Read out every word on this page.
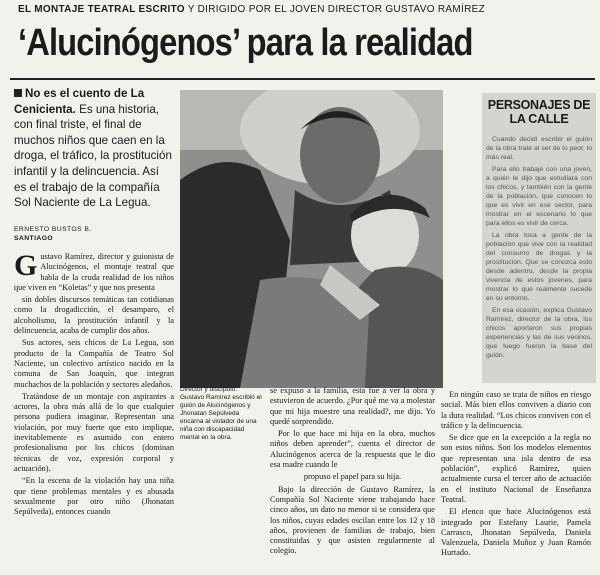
EL MONTAJE TEATRAL ESCRITO Y DIRIGIDO POR EL JOVEN DIRECTOR GUSTAVO RAMÍREZ
‘Alucinógenos’ para la realidad
No es el cuento de La Cenicienta. Es una historia, con final triste, el final de muchos niños que caen en la droga, el tráfico, la prostitución infantil y la delincuencia. Así es el trabajo de la compañía Sol Naciente de La Legua.
ERNESTO BUSTOS B.
SANTIAGO

Gustavo Ramírez, director y guionista de Alucinógenos, el montaje teatral que habla de la cruda realidad de los niños que viven en “Koletas” y que nos presenta

sin dobles discursos temáticas tan cotidianas como la drogadicción, el desamparo, el alcoholismo, la prostitución infantil y la delincuencia, acaba de cumplir dos años.

Sus actores, seis chicos de La Legua, son producto de la Compañía de Teatro Sol Naciente, un colectivo artístico nacido en la comuna de San Joaquín, que integran muchachos de la población y sectores aledaños.

Tratándose de un montaje con aspirantes a actores, la obra más allá de lo que cualquier persona pudiera imaginar. Representan una violación, por muy fuerte que esto implique, inevitablemente es asumido con entero profesionalismo por los chicos (dominan técnicas de voz, expresión corporal y actuación).

“En la escena de la violación hay una niña que tiene problemas mentales y es abusada sexualmente por otro niño (Jhonatan Sepúlveda), entonces cuando

Director y discípulo. Gustavo Ramírez escribió el guión de Alucinógenos y Jhonatan Sepúlveda encarna al violador de una niña con discapacidad mental en la obra.

se expuso a la familia, esta fue a ver la obra y estuvieron de acuerdo. ¿Por qué me va a molestar que mi hija muestre una realidad?, me dijo. Yo quedé sorprendido.

Por lo que hace mi hija en la obra, muchos niños deben aprender”, cuenta el director de Alucinógenos acerca de la respuesta que le dio esa madre cuando le

propuso el papel para su hija.

Bajo la dirección de Gustavo Ramírez, la Compañía Sol Naciente viene trabajando hace cinco años, un dato no menor si se considera que los niños, cuyas edades oscilan entre los 12 y 18 años, provienen de familias de trabajo, bien constituidas y que asisten regularmente al colegio.

En ningún caso se trata de niños en riesgo social. Más bien ellos conviven a diario con la dura realidad. “Los chicos conviven con el tráfico y la delincuencia.

Se dice que en la excepción a la regla no son estos niños. Son los modelos elementos que representan una isla dentro de esa población”, explicó Ramírez, quien actualmente cursa el tercer año de actuación en el instituto Nacional de Enseñanza Teatral.

El elenco que hace Alucinógenos está integrado por Estefany Laurie, Pamela Carrasco, Jhonatan Sepúlveda, Daniela Valenzuela, Daniela Muñoz y Juan Ramón Hurtado.

PERSONAJES DE LA CALLE

Cuando decidí escribir el guión de la obra traté al ser de lo peor, lo más real.

Para ello trabajé con una joven, a quién le dijo que estudiara con los chicos, y también con la gente de la población, que conocen lo que es vivir en ese sector, para mostrar en el escenario lo que para ellos es vivir de cerca.

La obra toca a gente de la población que vive con la realidad del consumo de drogas y la prostitución. Que se conozca esto desde adentro, desde la propia vivencia de estos jóvenes, para mostrar lo que realmente sucede en su entorno.

En esa ocasión, explica Gustavo Ramírez, director de la obra, los chicos aportaron sus propias experiencias y las de sus vecinos, que luego fueron la base del guión.
